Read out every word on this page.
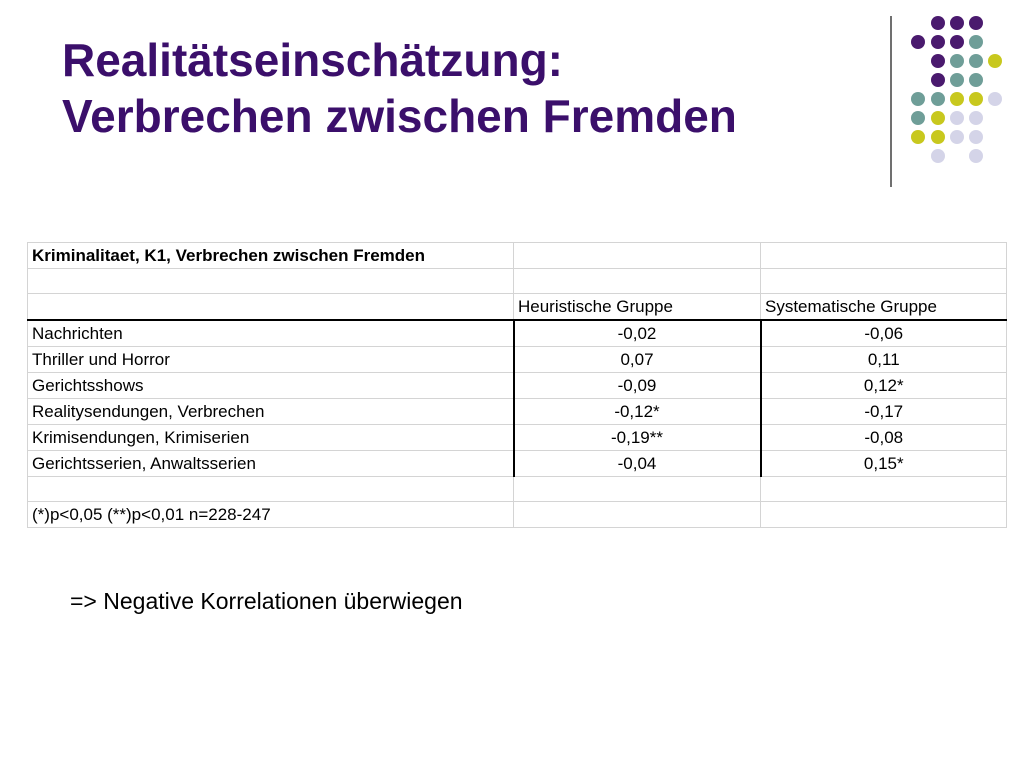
Realitätseinschätzung:
Verbrechen zwischen Fremden
Kriminalitaet, K1, Verbrechen zwischen Fremden		

	Heuristische Gruppe	Systematische Gruppe
Nachrichten	-0,02	-0,06
Thriller und Horror	0,07	0,11
Gerichtsshows	-0,09	0,12*
Realitysendungen, Verbrechen	-0,12*	-0,17
Krimisendungen, Krimiserien	-0,19**	-0,08
Gerichtsserien, Anwaltsserien	-0,04	0,15*

(*)p<0,05 (**)p<0,01 n=228-247		
=> Negative Korrelationen überwiegen
